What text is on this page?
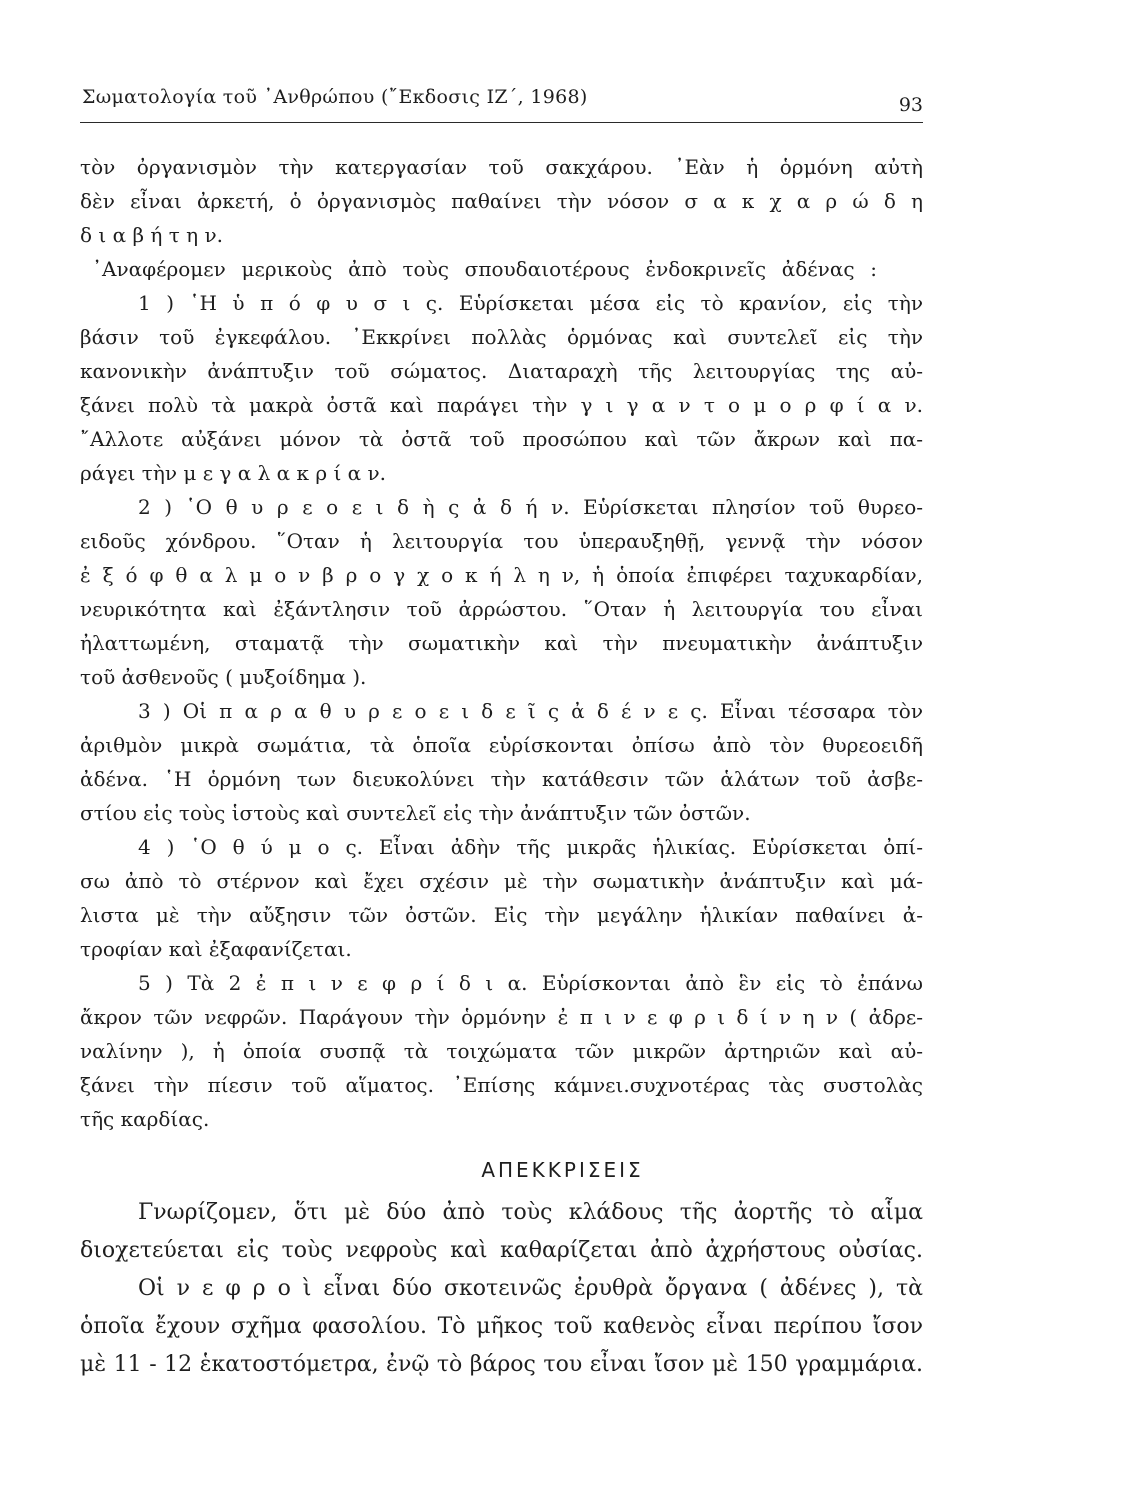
Σωματολογία τοῦ ᾽Ανθρώπου (῎Εκδοσις ΙΖ΄, 1968)	93
τὸν ὀργανισμὸν τὴν κατεργασίαν τοῦ σακχάρου. ᾽Εὰν ἡ ὁρμόνη αὐτὴ
δὲν εἶναι ἀρκετή, ὁ ὀργανισμὸς παθαίνει τὴν νόσον σ α κ χ α ρ ώ δ η
δ ι α β ή τ η ν.
᾽Αναφέρομεν μερικοὺς ἀπὸ τοὺς σπουδαιοτέρους ἐνδοκρινεῖς ἀδένας :
1 ) ῾Η ὑ π ό φ υ σ ι ς. Εὑρίσκεται μέσα εἰς τὸ κρανίον, εἰς τὴν
βάσιν τοῦ ἐγκεφάλου. ᾽Εκκρίνει πολλὰς ὁρμόνας καὶ συντελεῖ εἰς τὴν
κανονικὴν ἀνάπτυξιν τοῦ σώματος. Διαταραχὴ τῆς λειτουργίας της αὐ-
ξάνει πολὺ τὰ μακρὰ ὀστᾶ καὶ παράγει τὴν γ ι γ α ν τ ο μ ο ρ φ ί α ν.
῎Αλλοτε αὐξάνει μόνον τὰ ὀστᾶ τοῦ προσώπου καὶ τῶν ἄκρων καὶ πα-
ράγει τὴν μ ε γ α λ α κ ρ ί α ν.
2 ) ῾Ο θ υ ρ ε ο ε ι δ ὴ ς ἀ δ ή ν. Εὑρίσκεται πλησίον τοῦ θυρεο-
ειδοῦς χόνδρου. ῞Οταν ἡ λειτουργία του ὑπεραυξηθῇ, γεννᾷ τὴν νόσον
ἐ ξ ό φ θ α λ μ ο ν β ρ ο γ χ ο κ ή λ η ν, ἡ ὁποία ἐπιφέρει ταχυκαρδίαν,
νευρικότητα καὶ ἐξάντλησιν τοῦ ἀρρώστου. ῞Οταν ἡ λειτουργία του εἶναι
ἠλαττωμένη, σταματᾷ τὴν σωματικὴν καὶ τὴν πνευματικὴν ἀνάπτυξιν
τοῦ ἀσθενοῦς ( μυξοίδημα ).
3 ) Οἱ π α ρ α θ υ ρ ε ο ε ι δ ε ῖ ς ἀ δ έ ν ε ς. Εἶναι τέσσαρα τὸν
ἀριθμὸν μικρὰ σωμάτια, τὰ ὁποῖα εὑρίσκονται ὀπίσω ἀπὸ τὸν θυρεοειδῆ
ἀδένα. ῾Η ὁρμόνη των διευκολύνει τὴν κατάθεσιν τῶν ἁλάτων τοῦ ἀσβε-
στίου εἰς τοὺς ἱστοὺς καὶ συντελεῖ εἰς τὴν ἀνάπτυξιν τῶν ὀστῶν.
4 ) ῾Ο θ ύ μ ο ς. Εἶναι ἀδὴν τῆς μικρᾶς ἡλικίας. Εὑρίσκεται ὀπί-
σω ἀπὸ τὸ στέρνον καὶ ἔχει σχέσιν μὲ τὴν σωματικὴν ἀνάπτυξιν καὶ μά-
λιστα μὲ τὴν αὔξησιν τῶν ὀστῶν. Εἰς τὴν μεγάλην ἡλικίαν παθαίνει ἀ-
τροφίαν καὶ ἐξαφανίζεται.
5 ) Τὰ 2 ἐ π ι ν ε φ ρ ί δ ι α. Εὑρίσκονται ἀπὸ ἓν εἰς τὸ ἐπάνω
ἄκρον τῶν νεφρῶν. Παράγουν τὴν ὁρμόνην ἐ π ι ν ε φ ρ ι δ ί ν η ν ( ἀδρε-
ναλίνην ), ἡ ὁποία συσπᾷ τὰ τοιχώματα τῶν μικρῶν ἀρτηριῶν καὶ αὐ-
ξάνει τὴν πίεσιν τοῦ αἵματος. ᾽Επίσης κάμνει.συχνοτέρας τὰς συστολὰς
τῆς καρδίας.
ΑΠΕΚΚΡΙΣΕΙΣ
Γνωρίζομεν, ὅτι μὲ δύο ἀπὸ τοὺς κλάδους τῆς ἀορτῆς τὸ αἷμα
διοχετεύεται εἰς τοὺς νεφροὺς καὶ καθαρίζεται ἀπὸ ἀχρήστους οὐσίας.
Οἱ ν ε φ ρ ο ὶ εἶναι δύο σκοτεινῶς ἐρυθρὰ ὄργανα ( ἀδένες ), τὰ
ὁποῖα ἔχουν σχῆμα φασολίου. Τὸ μῆκος τοῦ καθενὸς εἶναι περίπου ἴσον
μὲ 11 - 12 ἑκατοστόμετρα, ἐνῷ τὸ βάρος του εἶναι ἴσον μὲ 150 γραμμάρια.
